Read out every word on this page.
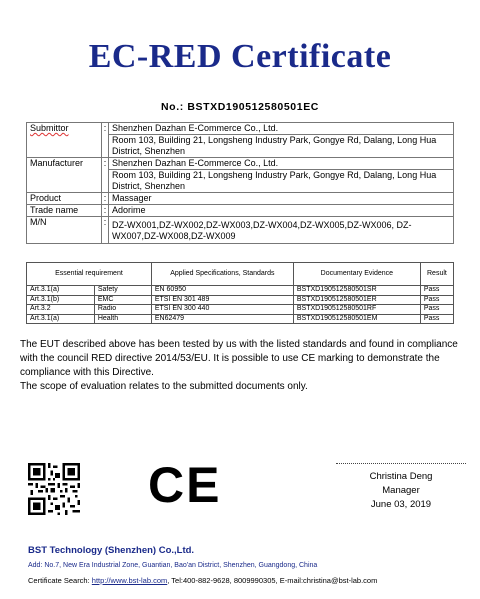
EC-RED Certificate
No.: BSTXD190512580501EC
Submittor	:	Shenzhen Dazhan E-Commerce Co., Ltd.
		Room 103, Building 21, Longsheng Industry Park, Gongye Rd, Dalang, Long Hua District, Shenzhen
Manufacturer	:	Shenzhen Dazhan E-Commerce Co., Ltd.
		Room 103, Building 21, Longsheng Industry Park, Gongye Rd, Dalang, Long Hua District, Shenzhen
Product	:	Massager
Trade name	:	Adorime
M/N	:	DZ-WX001,DZ-WX002,DZ-WX003,DZ-WX004,DZ-WX005,DZ-WX006, DZ-WX007,DZ-WX008,DZ-WX009
Essential requirement		Applied Specifications, Standards	Documentary Evidence	Result
Art.3.1(a)	Safety	EN 60950	BSTXD190512580501SR	Pass
Art.3.1(b)	EMC	ETSI EN 301 489	BSTXD190512580501ER	Pass
Art.3.2	Radio	ETSI EN 300 440	BSTXD190512580501RF	Pass
Art.3.1(a)	Health	EN62479	BSTXD190512580501EM	Pass

The EUT described above has been tested by us with the listed standards and found in compliance with the council RED directive 2014/53/EU. It is possible to use CE marking to demonstrate the compliance with this Directive.

The scope of evaluation relates to the submitted documents only.

CE	Christina Deng
Manager
June 03, 2019
BST Technology (Shenzhen) Co.,Ltd.
Add: No.7, New Era Industrial Zone, Guantian, Bao'an District, Shenzhen, Guangdong, China
Certificate Search: http://www.bst-lab.com, Tel:400-882-9628, 8009990305, E-mail:christina@bst-lab.com
